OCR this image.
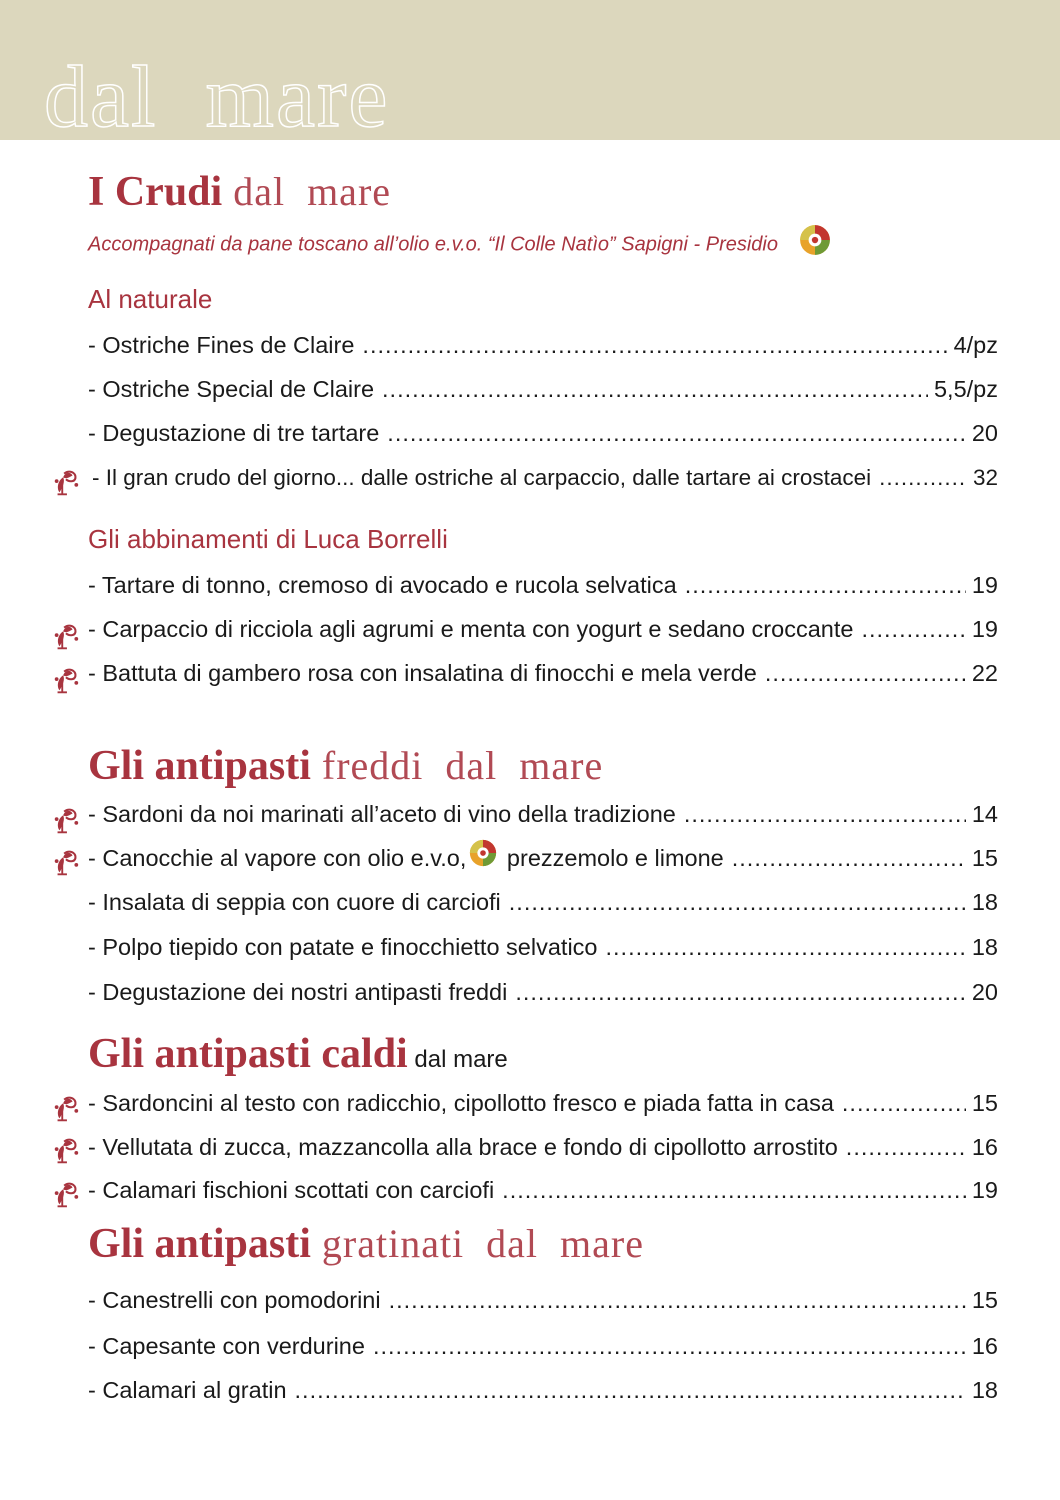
dal  mare
I Crudi dal  mare
Accompagnati da pane toscano all’olio e.v.o. “Il Colle Natìo” Sapigni - Presidio
Al naturale
- Ostriche Fines de Claire .....	4/pz
- Ostriche Special de Claire .....	5,5/pz
- Degustazione di tre tartare .....	20
- Il gran crudo del giorno... dalle ostriche al carpaccio, dalle tartare ai crostacei .....	32
Gli abbinamenti di Luca Borrelli
- Tartare di tonno, cremoso di avocado e rucola selvatica .....	19
- Carpaccio di ricciola agli agrumi e menta con yogurt e sedano croccante .....	19
- Battuta di gambero rosa con insalatina di finocchi e mela verde .....	22
Gli antipasti freddi  dal  mare
- Sardoni da noi marinati all’aceto di vino della tradizione .....	14
- Canocchie al vapore con olio e.v.o, prezzemolo e limone .....	15
- Insalata di seppia con cuore di carciofi .....	18
- Polpo tiepido con patate e finocchietto selvatico .....	18
- Degustazione dei nostri antipasti freddi .....	20
Gli antipasti caldi dal mare
- Sardoncini al testo con radicchio, cipollotto fresco e piada fatta in casa .....	15
- Vellutata di zucca, mazzancolla alla brace e fondo di cipollotto arrostito .....	16
- Calamari fischioni scottati con carciofi .....	19
Gli antipasti gratinati  dal  mare
- Canestrelli con pomodorini .....	15
- Capesante con verdurine .....	16
- Calamari al gratin .....	18
